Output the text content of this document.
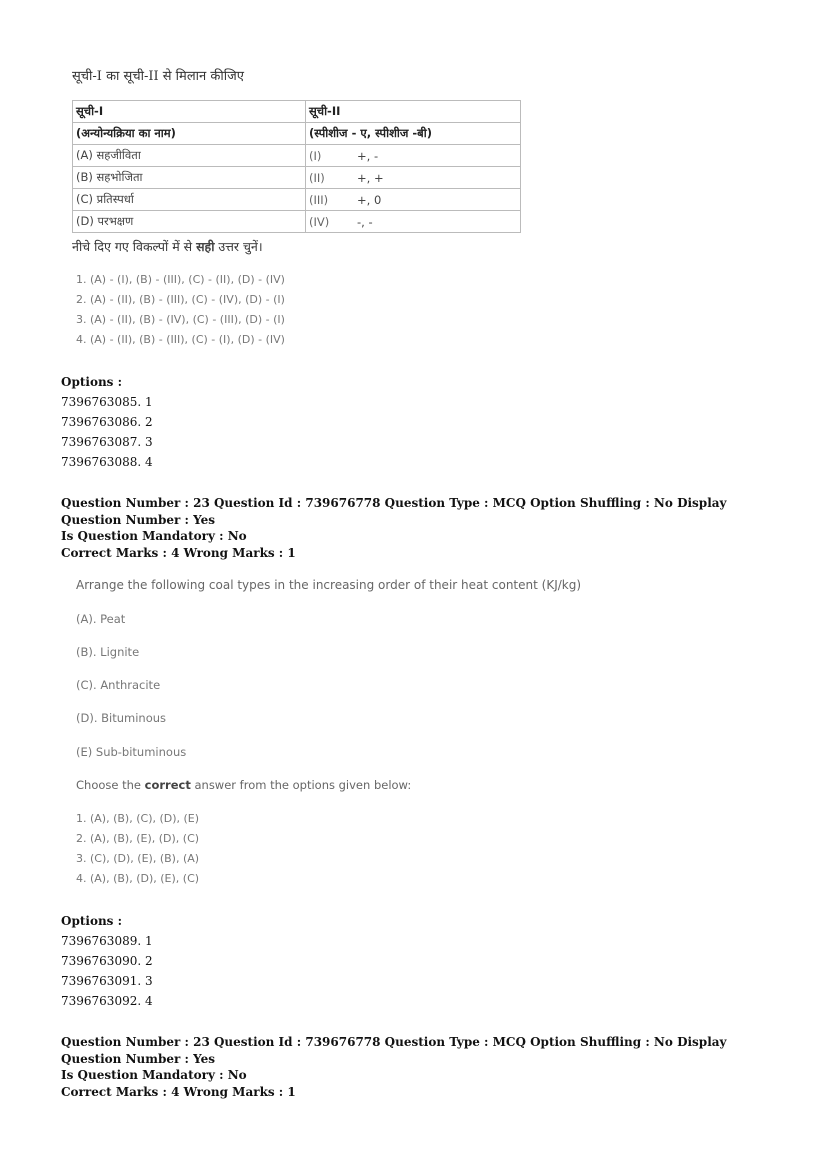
सूची-I का सूची-II से मिलान कीजिए
सूची-I	सूची-II
(अन्योन्यक्रिया का नाम)	(स्पीशीज - ए, स्पीशीज -बी)
(A) सहजीविता	(I) +, -
(B) सहभोजिता	(II) +, +
(C) प्रतिस्पर्धा	(III) +, 0
(D) परभक्षण	(IV) -, -
नीचे दिए गए विकल्पों में से सही उत्तर चुनें।
1. (A) - (I), (B) - (III), (C) - (II), (D) - (IV)
2. (A) - (II), (B) - (III), (C) - (IV), (D) - (I)
3. (A) - (II), (B) - (IV), (C) - (III), (D) - (I)
4. (A) - (II), (B) - (III), (C) - (I), (D) - (IV)
Options :
7396763085. 1
7396763086. 2
7396763087. 3
7396763088. 4
Question Number : 23 Question Id : 739676778 Question Type : MCQ Option Shuffling : No Display Question Number : Yes
Is Question Mandatory : No
Correct Marks : 4 Wrong Marks : 1
Arrange the following coal types in the increasing order of their heat content (KJ/kg)
(A). Peat
(B). Lignite
(C). Anthracite
(D). Bituminous
(E) Sub-bituminous
Choose the correct answer from the options given below:
1. (A), (B), (C), (D), (E)
2. (A), (B), (E), (D), (C)
3. (C), (D), (E), (B), (A)
4. (A), (B), (D), (E), (C)
Options :
7396763089. 1
7396763090. 2
7396763091. 3
7396763092. 4
Question Number : 23 Question Id : 739676778 Question Type : MCQ Option Shuffling : No Display Question Number : Yes
Is Question Mandatory : No
Correct Marks : 4 Wrong Marks : 1
